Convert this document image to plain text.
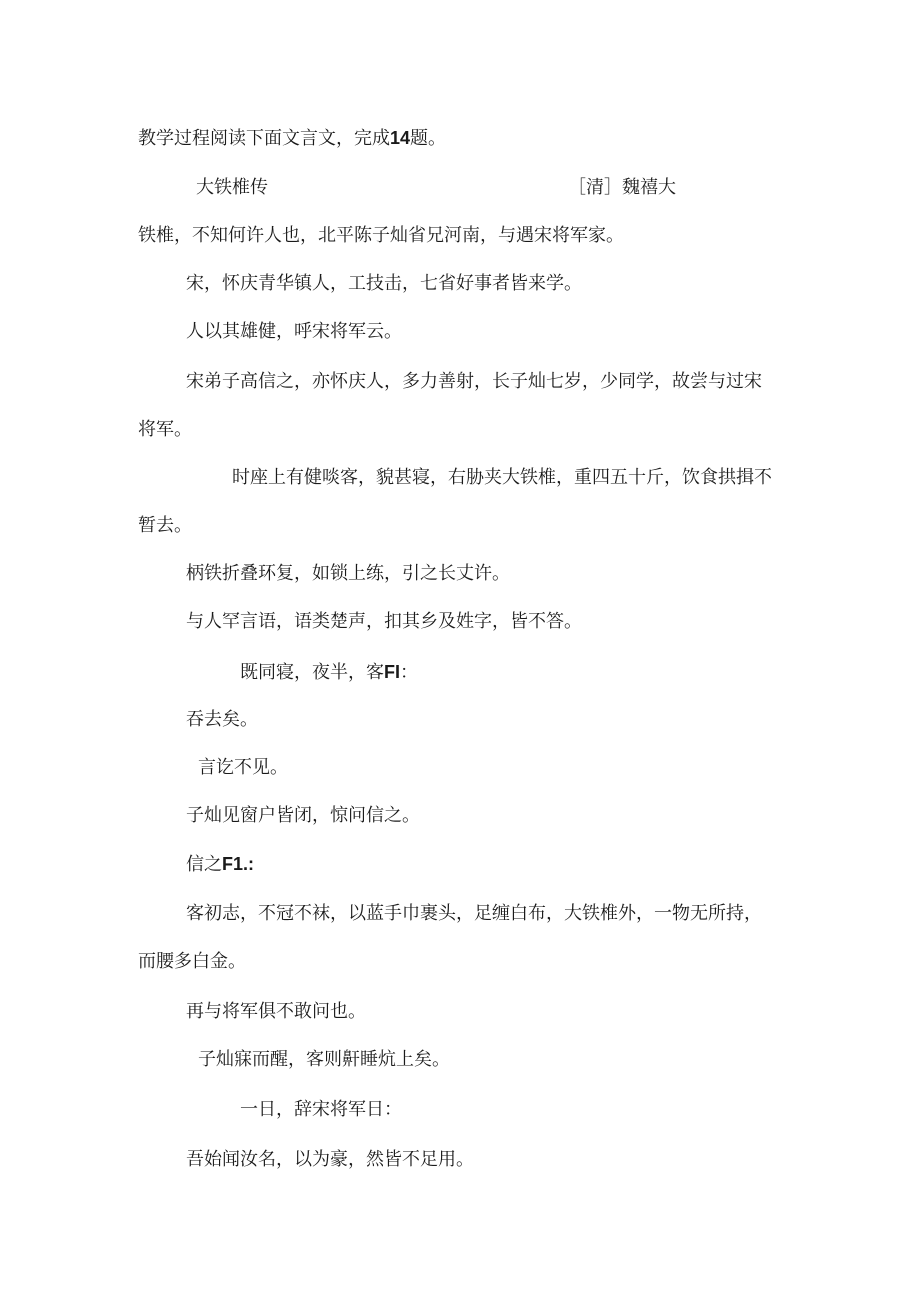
教学过程阅读下面文言文，完成14题。

大铁椎传	［清］魏禧大

铁椎，不知何许人也，北平陈子灿省兄河南，与遇宋将军家。

宋，怀庆青华镇人，工技击，七省好事者皆来学。

人以其雄健，呼宋将军云。

宋弟子高信之，亦怀庆人，多力善射，长子灿七岁，少同学，故尝与过宋

将军。

时座上有健啖客，貌甚寝，右胁夹大铁椎，重四五十斤，饮食拱揖不

暂去。

柄铁折叠环复，如锁上练，引之长丈许。

与人罕言语，语类楚声，扣其乡及姓字，皆不答。

既同寝，夜半，客FI：

吞去矣。

言讫不见。

子灿见窗户皆闭，惊问信之。

信之F1.:

客初志，不冠不袜，以蓝手巾裹头，足缠白布，大铁椎外，一物无所持，

而腰多白金。

再与将军俱不敢问也。

子灿寐而醒，客则鼾睡炕上矣。

一日，辞宋将军日：

吾始闻汝名，以为豪，然皆不足用。
